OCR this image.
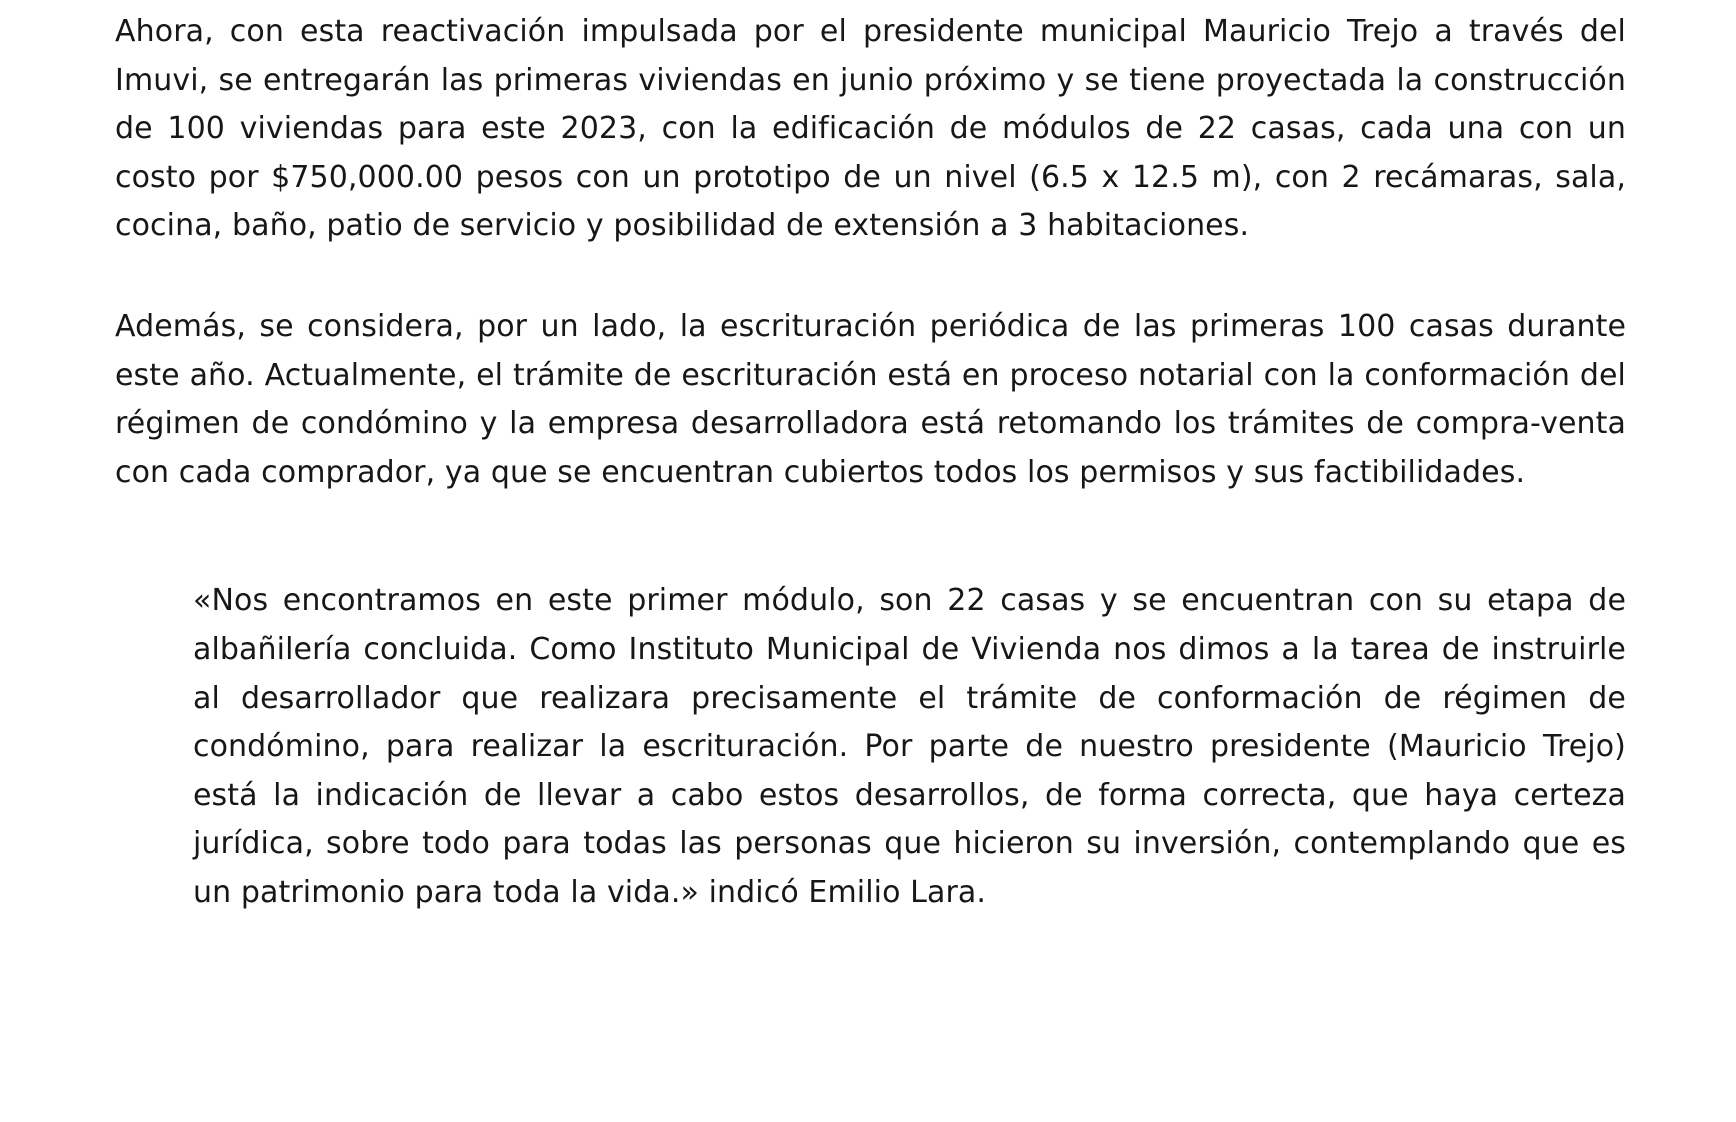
Ahora, con esta reactivación impulsada por el presidente municipal Mauricio Trejo a través del Imuvi, se entregarán las primeras viviendas en junio próximo y se tiene proyectada la construcción de 100 viviendas para este 2023, con la edificación de módulos de 22 casas, cada una con un costo por $750,000.00 pesos con un prototipo de un nivel (6.5 x 12.5 m), con 2 recámaras, sala, cocina, baño, patio de servicio y posibilidad de extensión a 3 habitaciones.

Además, se considera, por un lado, la escrituración periódica de las primeras 100 casas durante este año. Actualmente, el trámite de escrituración está en proceso notarial con la conformación del régimen de condómino y la empresa desarrolladora está retomando los trámites de compra-venta con cada comprador, ya que se encuentran cubiertos todos los permisos y sus factibilidades.

«Nos encontramos en este primer módulo, son 22 casas y se encuentran con su etapa de albañilería concluida. Como Instituto Municipal de Vivienda nos dimos a la tarea de instruirle al desarrollador que realizara precisamente el trámite de conformación de régimen de condómino, para realizar la escrituración. Por parte de nuestro presidente (Mauricio Trejo) está la indicación de llevar a cabo estos desarrollos, de forma correcta, que haya certeza jurídica, sobre todo para todas las personas que hicieron su inversión, contemplando que es un patrimonio para toda la vida.» indicó Emilio Lara.
